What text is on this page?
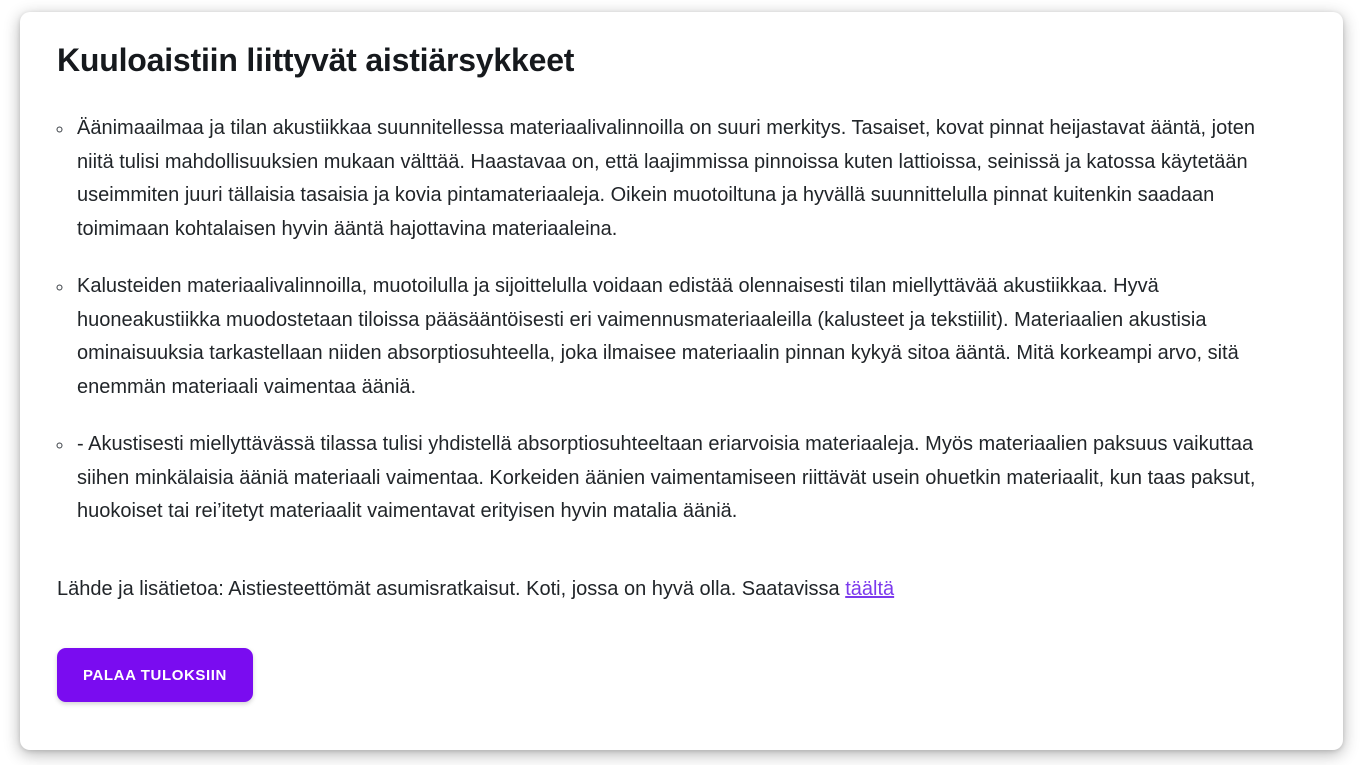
Kuuloaistiin liittyvät aistiärsykkeet
◦ Äänimaailmaa ja tilan akustiikkaa suunnitellessa materiaalivalinnoilla on suuri merkitys. Tasaiset, kovat pinnat heijastavat ääntä, joten niitä tulisi mahdollisuuksien mukaan välttää. Haastavaa on, että laajimmissa pinnoissa kuten lattioissa, seinissä ja katossa käytetään useimmiten juuri tällaisia tasaisia ja kovia pintamateriaaleja. Oikein muotoiltuna ja hyvällä suunnittelulla pinnat kuitenkin saadaan toimimaan kohtalaisen hyvin ääntä hajottavina materiaaleina.
◦ Kalusteiden materiaalivalinnoilla, muotoilulla ja sijoittelulla voidaan edistää olennaisesti tilan miellyttävää akustiikkaa. Hyvä huoneakustiikka muodostetaan tiloissa pääsääntöisesti eri vaimennusmateriaaleilla (kalusteet ja tekstiilit). Materiaalien akustisia ominaisuuksia tarkastellaan niiden absorptiosuhteella, joka ilmaisee materiaalin pinnan kykyä sitoa ääntä. Mitä korkeampi arvo, sitä enemmän materiaali vaimentaa ääniä.
◦ - Akustisesti miellyttävässä tilassa tulisi yhdistellä absorptiosuhteeltaan eriarvoisia materiaaleja. Myös materiaalien paksuus vaikuttaa siihen minkälaisia ääniä materiaali vaimentaa. Korkeiden äänien vaimentamiseen riittävät usein ohuetkin materiaalit, kun taas paksut, huokoiset tai rei’itetyt materiaalit vaimentavat erityisen hyvin matalia ääniä.

Lähde ja lisätietoa: Aistiesteettömät asumisratkaisut. Koti, jossa on hyvä olla. Saatavissa täältä

PALAA TULOKSIIN
